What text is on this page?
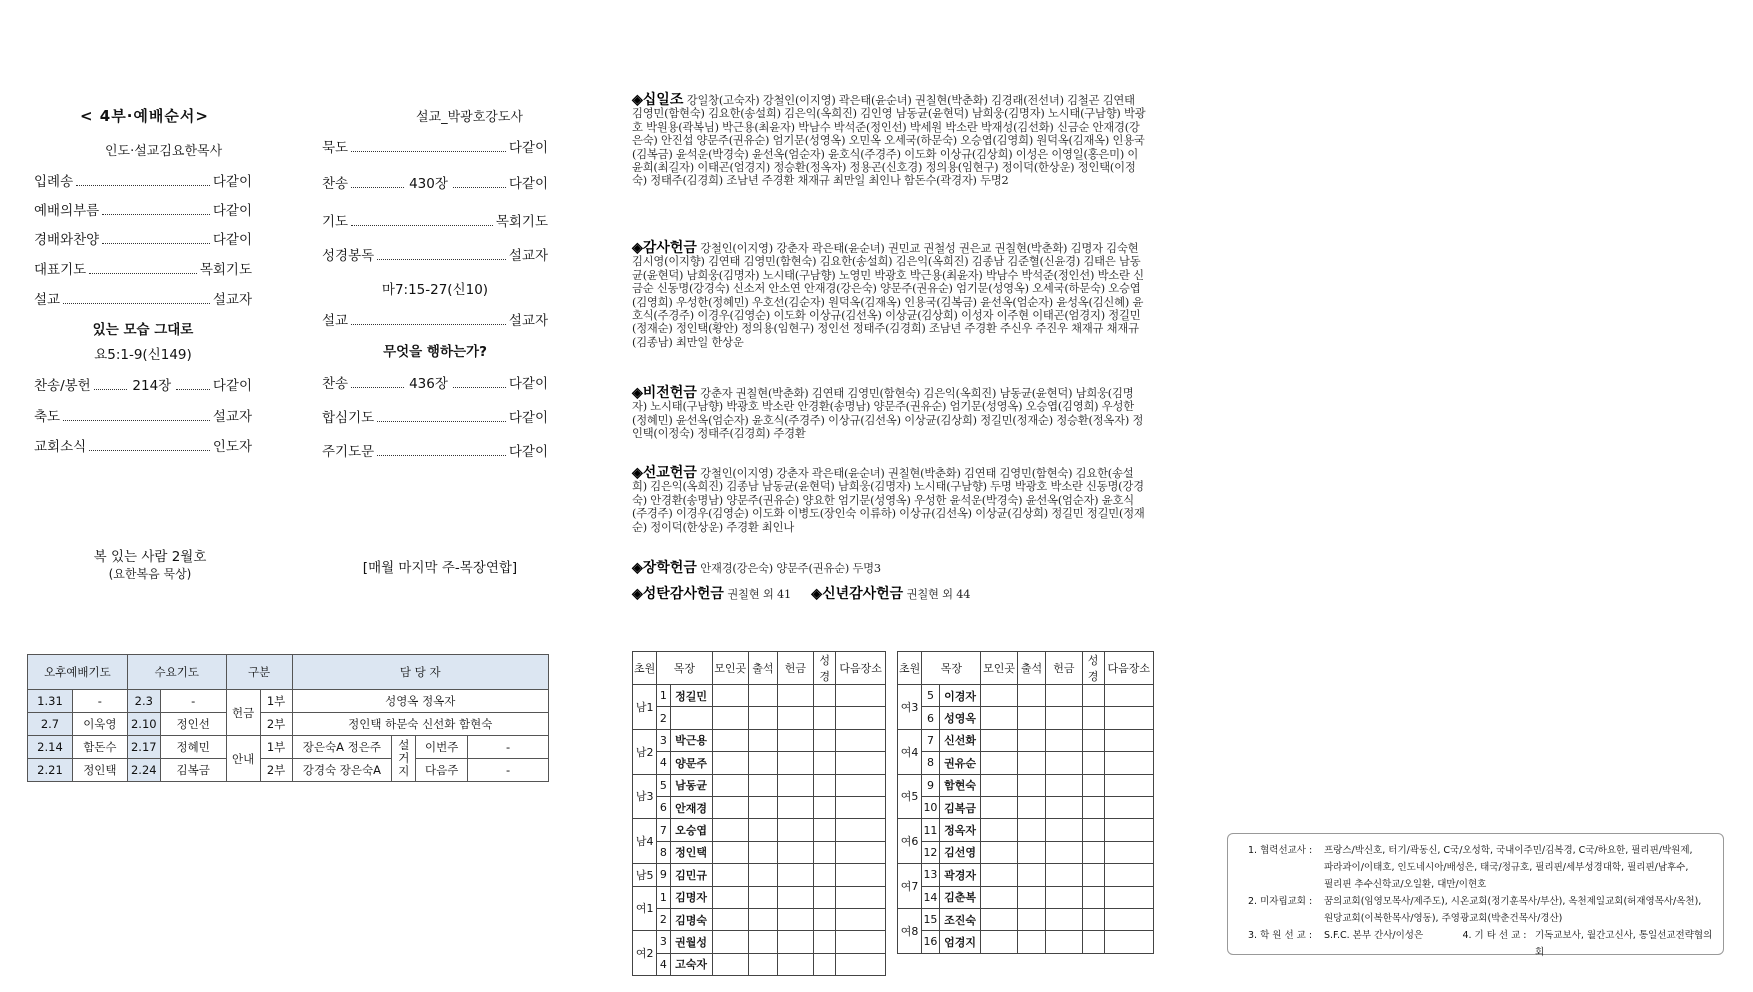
< 4부·예배순서>	설교_박광호강도사
인도·설교김요한목사
입례송	다같이
예배의부름	다같이
경배와찬양	다같이
대표기도	목회기도
설교	설교자
있는 모습 그대로
요5:1-9(신149)
찬송/봉헌	214장	다같이
축도	설교자
교회소식	인도자
묵도	다같이
찬송	430장	다같이
기도	목회기도
성경봉독	설교자
마7:15-27(신10)
설교	설교자
무엇을 행하는가?
찬송	436장	다같이
합심기도	다같이
주기도문	다같이
복 있는 사람 2월호
(요한복음 묵상)	[매월 마지막 주-목장연합]
오후예배기도		수요기도		구분		담 당 자			
1.31	-	2.3	-	헌금	1부	성영옥 정옥자			
2.7	이욱영	2.10	정인선		2부	정인택 하문숙 신선화 함현숙			
2.14	함돈수	2.17	정혜민	안내	1부	장은숙A 정은주	설거지	이번주	-
2.21	정인택	2.24	김복금		2부	강경숙 장은숙A		다음주	-
◈십일조 강일창(고숙자) 강철인(이지영) 곽은태(윤순녀) 권칠현(박춘화) 김경래(전선녀) 김철곤 김연태 김영민(함현숙) 김요한(송설희) 김은익(옥희진) 김인영 남동균(윤현덕) 남희웅(김명자) 노시태(구남향) 박광호 박원용(곽복님) 박근용(최윤자) 박남수 박석준(정인선) 박세원 박소란 박재성(김선화) 신금순 안재경(강은숙) 안진섭 양문주(권유순) 엄기문(성영옥) 오민옥 오세국(하문숙) 오승엽(김영희) 원덕옥(김재옥) 인용국(김복금) 윤석운(박경숙) 윤선옥(엄순자) 윤호식(주경주) 이도화 이상규(김상희) 이성은 이영일(홍은미) 이윤희(최길자) 이태곤(엄경지) 정승환(정옥자) 정용곤(신호경) 정의용(임현구) 정이덕(한상운) 정인택(이정숙) 정태주(김경희) 조남년 주경환 채재규 최만일 최인나 함돈수(곽경자) 두명2
◈감사헌금 강철인(이지영) 강춘자 곽은태(윤순녀) 권민교 권철성 권은교 권칠현(박춘화) 김명자 김숙현 김시영(이지향) 김연태 김영민(함현숙) 김요한(송설희) 김은익(옥희진) 김종남 김준혈(신윤경) 김태은 남동균(윤현덕) 남희웅(김명자) 노시태(구남향) 노영민 박광호 박근용(최윤자) 박남수 박석준(정인선) 박소란 신금순 신동명(강경숙) 신소저 안소연 안재경(강은숙) 양문주(권유순) 엄기문(성영옥) 오세국(하문숙) 오승엽(김영희) 우성한(정혜민) 우호선(김순자) 원덕옥(김재옥) 인용국(김복금) 윤선옥(엄순자) 윤성옥(김신혜) 윤호식(주경주) 이경우(김영순) 이도화 이상규(김선옥) 이상균(김상희) 이성자 이주현 이태곤(엄경지) 정길민(정재순) 정인택(황안) 정의용(임현구) 정인선 정태주(김경희) 조남년 주경환 주신우 주진우 채재규 채재규(김종남) 최만일 한상운
◈비전헌금 강춘자 권칠현(박춘화) 김연태 김영민(함현숙) 김은익(옥희진) 남동균(윤현덕) 남희웅(김명자) 노시태(구남향) 박광호 박소란 안경환(송명남) 양문주(권유순) 엄기문(성영옥) 오승엽(김영희) 우성한(정혜민) 윤선옥(엄순자) 윤호식(주경주) 이상규(김선옥) 이상균(김상희) 정길민(정재순) 정승환(정옥자) 정인택(이정숙) 정태주(김경희) 주경환
◈선교헌금 강철인(이지영) 강춘자 곽은태(윤순녀) 권칠현(박춘화) 김연태 김영민(함현숙) 김요한(송설희) 김은익(옥희진) 김종남 남동균(윤현덕) 남희웅(김명자) 노시태(구남향) 두명 박광호 박소란 신동명(강경숙) 안경환(송명남) 양문주(권유순) 양요한 엄기문(성영옥) 우성한 윤석운(박경숙) 윤선옥(엄순자) 윤호식(주경주) 이경우(김영순) 이도화 이병도(장인숙 이류하) 이상규(김선옥) 이상균(김상희) 정길민 정길민(정재순) 정이덕(한상운) 주경환 최인나
◈장학헌금 안재경(강은숙) 양문주(권유순) 두명3
◈성탄감사헌금 권칠현 외 41 ◈신년감사헌금 권칠현 외 44
초원	목장		모인곳	출석	헌금	성경	다음장소
남1	1	정길민					
	2						
남2	3	박근용					
	4	양문주					
남3	5	남동균					
	6	안재경					
남4	7	오승엽					
	8	정인택					
남5	9	김민규					
여1	1	김명자					
	2	김명숙					
여2	3	권월성					
	4	고숙자					
초원	목장		모인곳	출석	헌금	성경	다음장소
여3	5	이경자					
	6	성영옥					
여4	7	신선화					
	8	권유순					
여5	9	함현숙					
	10	김복금					
여6	11	정옥자					
	12	김선영					
여7	13	곽경자					
	14	김춘복					
여8	15	조진숙					
	16	엄경지					
1. 협력선교사 :	프랑스/박신호, 터기/곽동신, C국/오성학, 국내이주민/김복경, C국/하요한, 필리핀/박원제,
파라과이/이태호, 인도네시아/배성은, 태국/정규호, 필리핀/세부성경대학, 필리핀/남후수,
필리핀 추수신학교/오일환, 대만/이현호
2. 미자립교회 :	꿈의교회(임영모목사/제주도), 시온교회(정기훈목사/부산), 옥천제일교회(허재영목사/옥천),
원당교회(이복한목사/영동), 주영광교회(박춘건목사/경산)
3. 학 원 선 교 :	S.F.C. 본부 간사/이성은	4. 기 타 선 교 : 기독교보사, 월간고신사, 통일선교전략협의회
